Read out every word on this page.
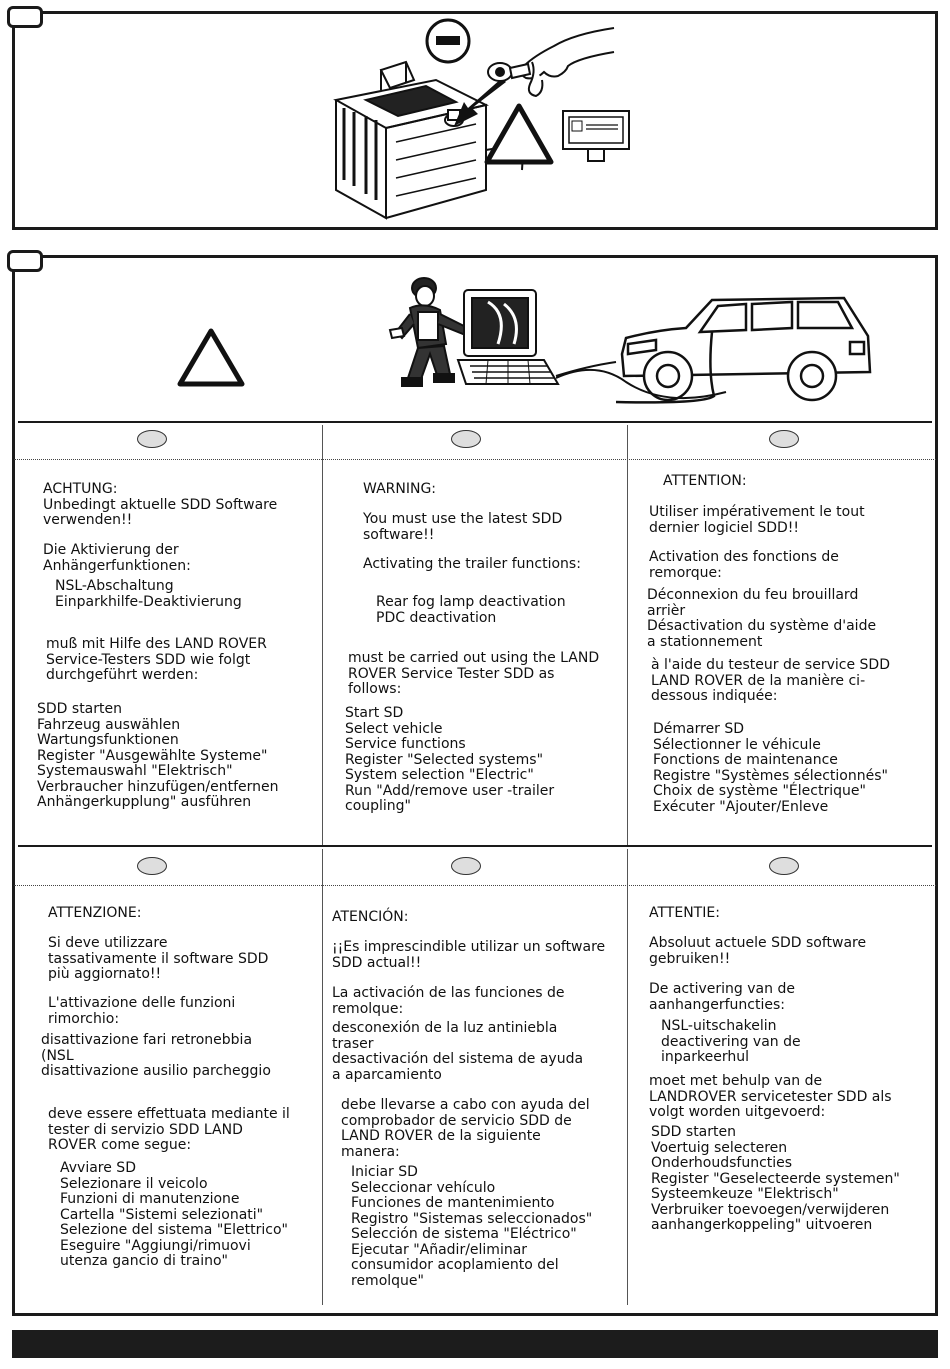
ACHTUNG:
Unbedingt aktuelle SDD Software
verwenden!!
Die Aktivierung der
Anhängerfunktionen:
NSL-Abschaltung
Einparkhilfe-Deaktivierung
muß mit Hilfe des LAND ROVER
Service-Testers SDD wie folgt
durchgeführt werden:
SDD starten
Fahrzeug auswählen
Wartungsfunktionen
Register "Ausgewählte Systeme"
Systemauswahl "Elektrisch"
Verbraucher hinzufügen/entfernen
Anhängerkupplung" ausführen
WARNING:
You must use the latest SDD
software!!
Activating the trailer functions:
Rear fog lamp deactivation
PDC deactivation
must be carried out using the LAND
ROVER Service Tester SDD as
follows:
Start SD
Select vehicle
Service functions
Register "Selected systems"
System selection "Electric"
Run "Add/remove user -trailer
coupling"
ATTENTION:
Utiliser impérativement le tout
dernier logiciel SDD!!
Activation des fonctions de
remorque:
Déconnexion du feu brouillard
arrièr
Désactivation du système d'aide
a stationnement
à l'aide du testeur de service SDD
LAND ROVER de la manière ci-
dessous indiquée:
Démarrer SD
Sélectionner le véhicule
Fonctions de maintenance
Registre "Systèmes sélectionnés"
Choix de système "Électrique"
Exécuter "Ajouter/Enleve
ATTENZIONE:
Si deve utilizzare
tassativamente il software SDD
più aggiornato!!
L'attivazione delle funzioni
rimorchio:
disattivazione fari retronebbia
(NSL
disattivazione ausilio parcheggio
deve essere effettuata mediante il
tester di servizio SDD LAND
ROVER come segue:
Avviare SD
Selezionare il veicolo
Funzioni di manutenzione
Cartella "Sistemi selezionati"
Selezione del sistema "Elettrico"
Eseguire "Aggiungi/rimuovi
utenza gancio di traino"
ATENCIÓN:
¡¡Es imprescindible utilizar un software
SDD actual!!
La activación de las funciones de
remolque:
desconexión de la luz antiniebla
traser
desactivación del sistema de ayuda
a aparcamiento
debe llevarse a cabo con ayuda del
comprobador de servicio SDD de
LAND ROVER de la siguiente
manera:
Iniciar SD
Seleccionar vehículo
Funciones de mantenimiento
Registro "Sistemas seleccionados"
Selección de sistema "Eléctrico"
Ejecutar "Añadir/eliminar
consumidor acoplamiento del
remolque"
ATTENTIE:
Absoluut actuele SDD software
gebruiken!!
De activering van de
aanhangerfuncties:
NSL-uitschakelin
deactivering van de
inparkeerhul
moet met behulp van de
LANDROVER servicetester SDD als
volgt worden uitgevoerd:
SDD starten
Voertuig selecteren
Onderhoudsfuncties
Register "Geselecteerde systemen"
Systeemkeuze "Elektrisch"
Verbruiker toevoegen/verwijderen
aanhangerkoppeling" uitvoeren
